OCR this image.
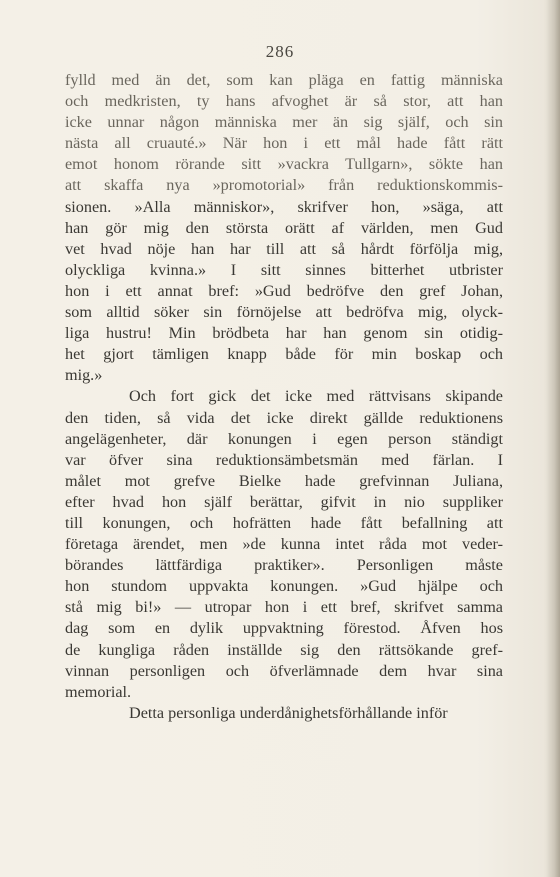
286
fylld med än det, som kan pläga en fattig människa
och medkristen, ty hans afvoghet är så stor, att han
icke unnar någon människa mer än sig själf, och sin
nästa all cruauté.» När hon i ett mål hade fått rätt
emot honom rörande sitt »vackra Tullgarn», sökte han
att skaffa nya »promotorial» från reduktionskommis-
sionen. »Alla människor», skrifver hon, »säga, att
han gör mig den största orätt af världen, men Gud
vet hvad nöje han har till att så hårdt förfölja mig,
olyckliga kvinna.» I sitt sinnes bitterhet utbrister
hon i ett annat bref: »Gud bedröfve den gref Johan,
som alltid söker sin förnöjelse att bedröfva mig, olyck-
liga hustru! Min brödbeta har han genom sin otidig-
het gjort tämligen knapp både för min boskap och
mig.»
Och fort gick det icke med rättvisans skipande
den tiden, så vida det icke direkt gällde reduktionens
angelägenheter, där konungen i egen person ständigt
var öfver sina reduktionsämbetsmän med färlan. I
målet mot grefve Bielke hade grefvinnan Juliana,
efter hvad hon själf berättar, gifvit in nio suppliker
till konungen, och hofrätten hade fått befallning att
företaga ärendet, men »de kunna intet råda mot veder-
börandes lättfärdiga praktiker». Personligen måste
hon stundom uppvakta konungen. »Gud hjälpe och
stå mig bi!» — utropar hon i ett bref, skrifvet samma
dag som en dylik uppvaktning förestod. Åfven hos
de kungliga råden inställde sig den rättsökande gref-
vinnan personligen och öfverlämnade dem hvar sina
memorial.
Detta personliga underdånighetsförhållande inför
